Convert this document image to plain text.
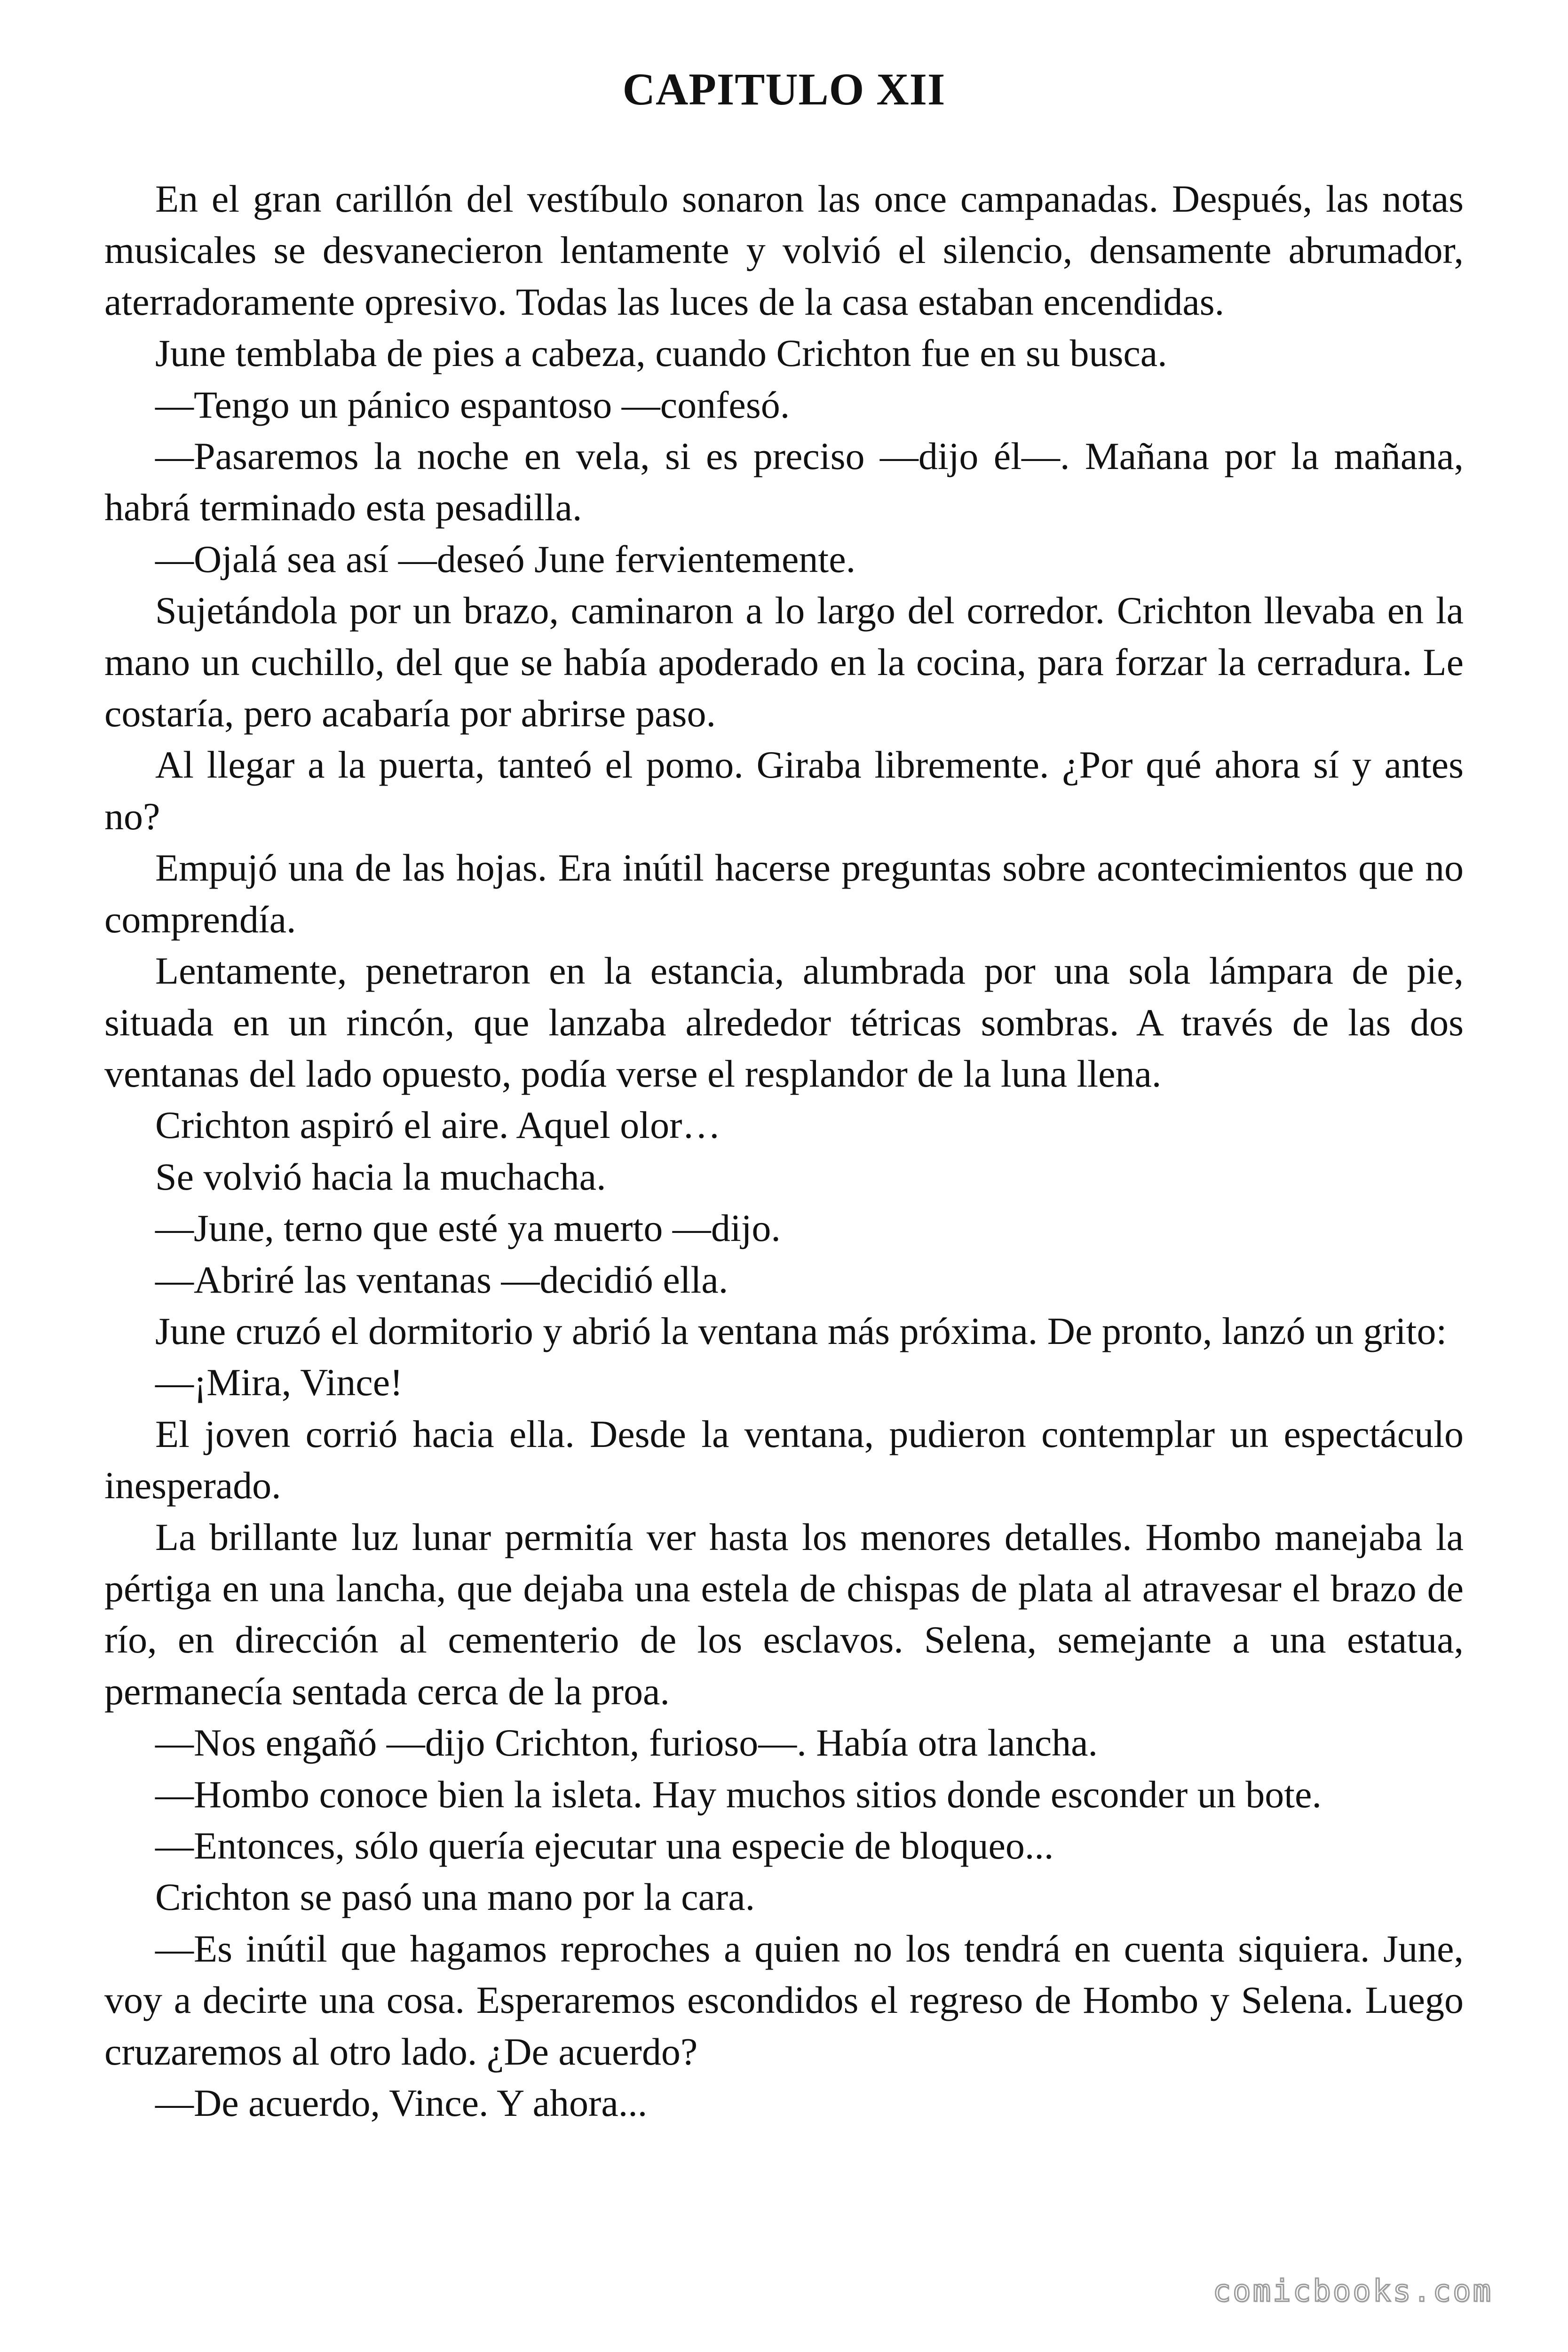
CAPITULO XII

En el gran carillón del vestíbulo sonaron las once campanadas. Después, las notas musicales se desvanecieron lentamente y volvió el silencio, densamente abrumador, aterradoramente opresivo. Todas las luces de la casa estaban encendidas.

June temblaba de pies a cabeza, cuando Crichton fue en su busca.

—Tengo un pánico espantoso —confesó.

—Pasaremos la noche en vela, si es preciso —dijo él—. Mañana por la mañana, habrá terminado esta pesadilla.

—Ojalá sea así —deseó June fervientemente.

Sujetándola por un brazo, caminaron a lo largo del corredor. Crichton llevaba en la mano un cuchillo, del que se había apoderado en la cocina, para forzar la cerradura. Le costaría, pero acabaría por abrirse paso.

Al llegar a la puerta, tanteó el pomo. Giraba libremente. ¿Por qué ahora sí y antes no?

Empujó una de las hojas. Era inútil hacerse preguntas sobre acontecimientos que no comprendía.

Lentamente, penetraron en la estancia, alumbrada por una sola lámpara de pie, situada en un rincón, que lanzaba alrededor tétricas sombras. A través de las dos ventanas del lado opuesto, podía verse el resplandor de la luna llena.

Crichton aspiró el aire. Aquel olor…

Se volvió hacia la muchacha.

—June, terno que esté ya muerto —dijo.

—Abriré las ventanas —decidió ella.

June cruzó el dormitorio y abrió la ventana más próxima. De pronto, lanzó un grito:

—¡Mira, Vince!

El joven corrió hacia ella. Desde la ventana, pudieron contemplar un espectáculo inesperado.

La brillante luz lunar permitía ver hasta los menores detalles. Hombo manejaba la pértiga en una lancha, que dejaba una estela de chispas de plata al atravesar el brazo de río, en dirección al cementerio de los esclavos. Selena, semejante a una estatua, permanecía sentada cerca de la proa.

—Nos engañó —dijo Crichton, furioso—. Había otra lancha.

—Hombo conoce bien la isleta. Hay muchos sitios donde esconder un bote.

—Entonces, sólo quería ejecutar una especie de bloqueo...

Crichton se pasó una mano por la cara.

—Es inútil que hagamos reproches a quien no los tendrá en cuenta siquiera. June, voy a decirte una cosa. Esperaremos escondidos el regreso de Hombo y Selena. Luego cruzaremos al otro lado. ¿De acuerdo?

—De acuerdo, Vince. Y ahora...

comicbooks.com
